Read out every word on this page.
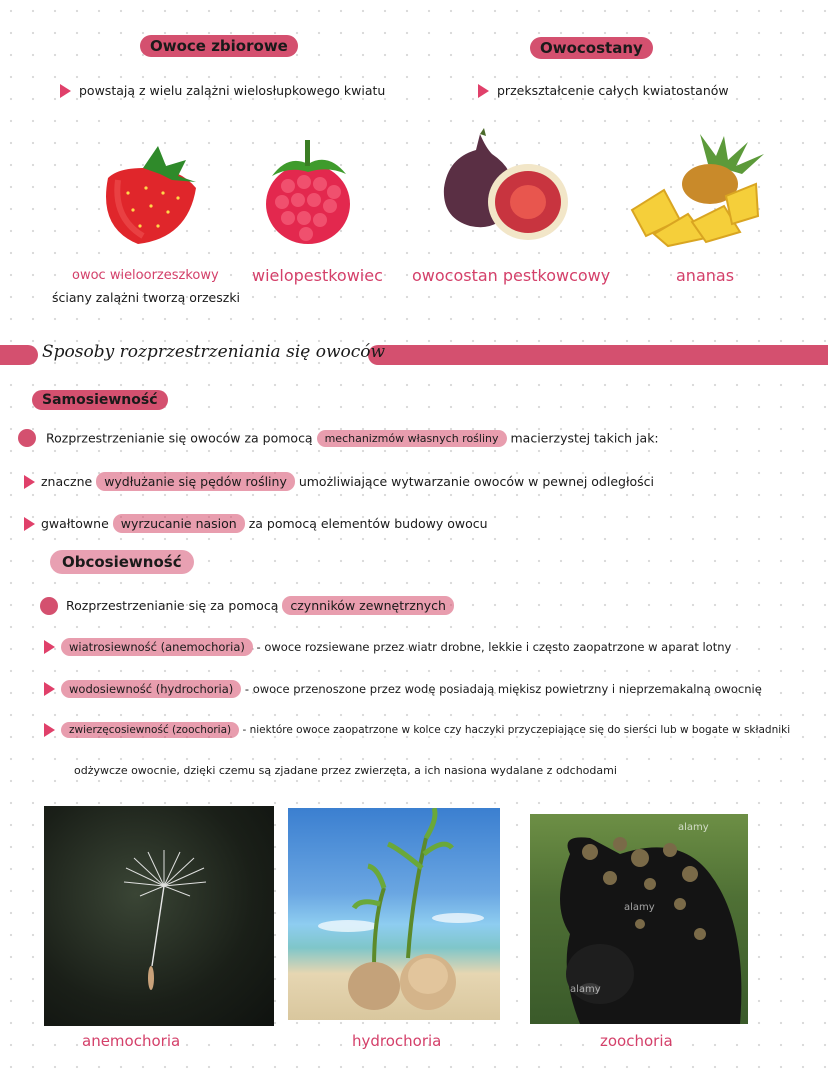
Owoce zbiorowe	Owocostany
powstają z wielu zalążni wielosłupkowego kwiatu	przekształcenie całych kwiatostanów
owoc wieloorzeszkowy
ściany zalążni tworzą orzeszki
wielopestkowiec owocostan pestkowcowy	ananas
Sposoby rozprzestrzeniania się owoców
Samosiewność
Rozprzestrzenianie się owoców za pomocą mechanizmów własnych rośliny macierzystej takich jak:
znaczne wydłużanie się pędów rośliny umożliwiające wytwarzanie owoców w pewnej odległości
gwałtowne wyrzucanie nasion za pomocą elementów budowy owocu
Obcosiewność
Rozprzestrzenianie się za pomocą czynników zewnętrznych
wiatrosiewność (anemochoria) - owoce rozsiewane przez wiatr drobne, lekkie i często zaopatrzone w aparat lotny
wodosiewność (hydrochoria) - owoce przenoszone przez wodę posiadają miękisz powietrzny i nieprzemakalną owocnię
zwierzęcosiewność (zoochoria) - niektóre owoce zaopatrzone w kolce czy haczyki przyczepiające się do sierści lub w bogate w składniki
odżywcze owocnie, dzięki czemu są zjadane przez zwierzęta, a ich nasiona wydalane z odchodami
alamy
alamy
alamy
anemochoria	hydrochoria	zoochoria
